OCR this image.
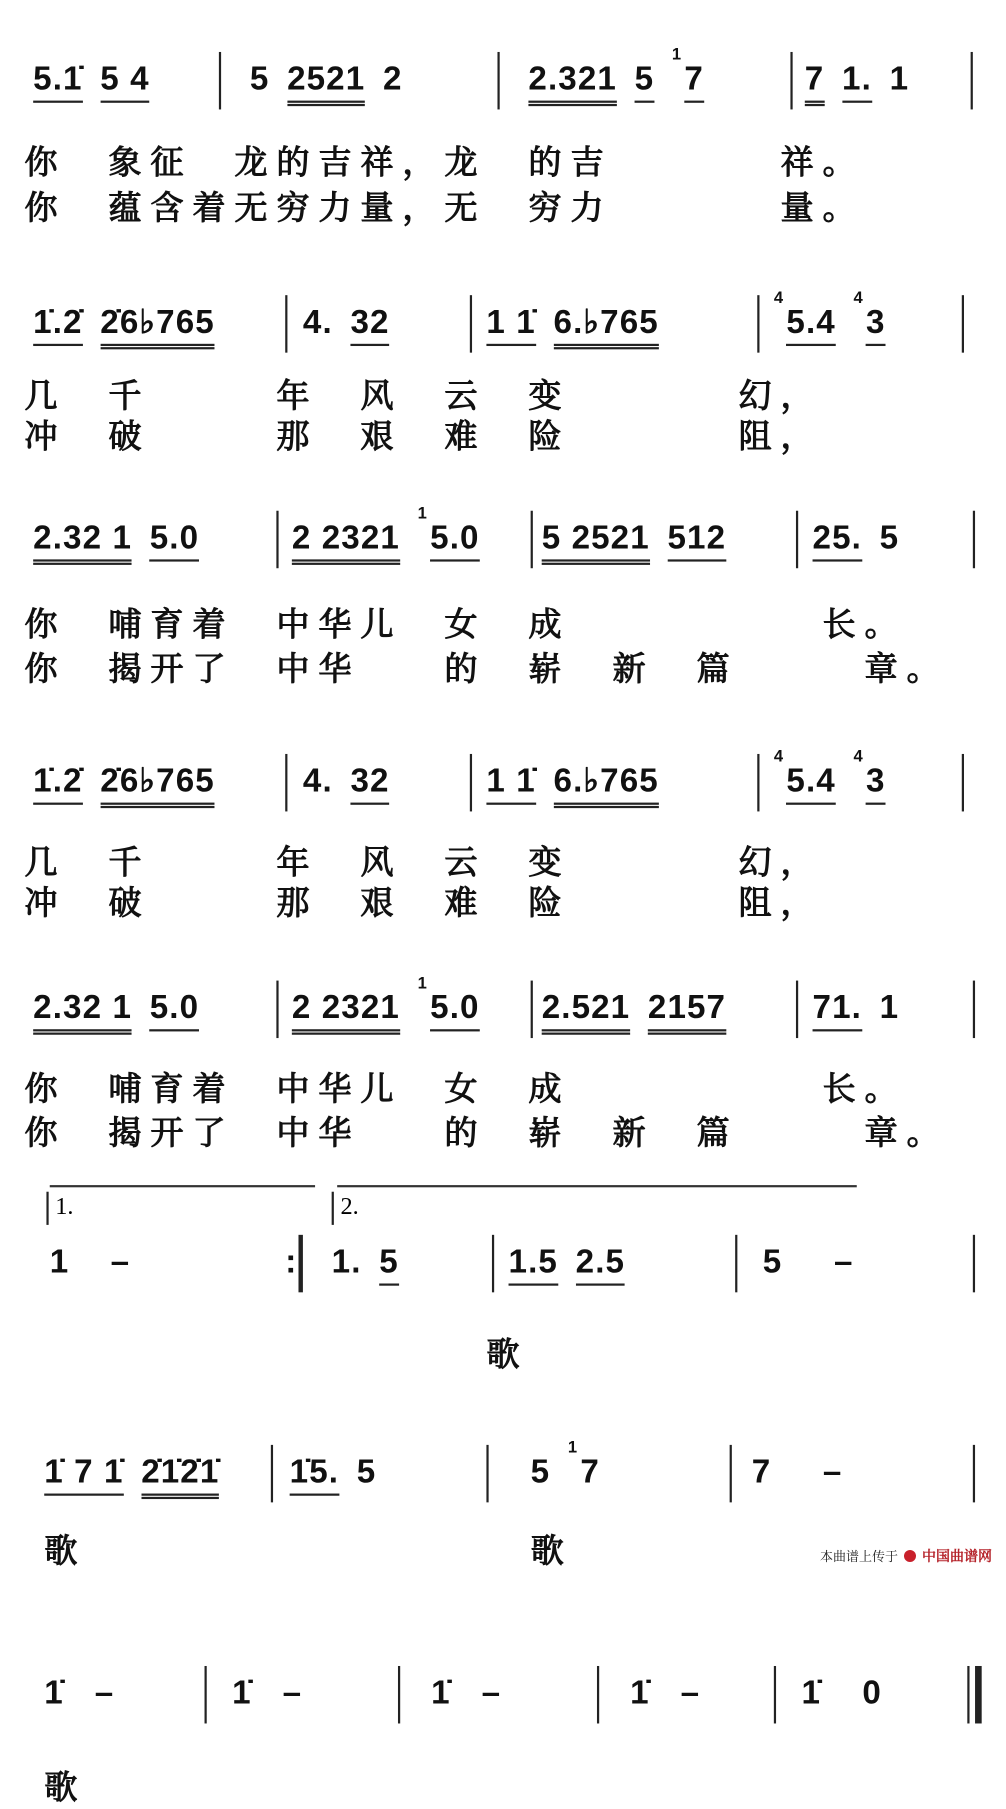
5.1̇ 5 4	5 2521 2	2.321 $5^17$	7 1. 1
你　象征　龙的吉祥，龙　的吉　　　　祥。
你　蕴含着无穷力量，无　穷力　　　　量。
1̇.2̇ 2̇6♭765	4. 32	1 1̇ 6.♭765
$^45.4^43$
几　千　　　年　风　云　变　　　　幻，
冲　破　　　那　艰　难　险　　　　阻，
2.32 1 5.0	2 2321$^1$5.0	5 2521 512	25. 5
你　哺育着　中华儿　女　成　　　　　　长。
你　揭开了　中华　　的　崭　新　篇　　　章。
1̇.2̇ 2̇6♭765	4. 32	1 1̇ 6.♭765
$^45.4^43$
几　千　　　年　风　云　变　　　　幻，
冲　破　　　那　艰　难　险　　　　阻，
2.32 1 5.0	2 2321$^1$5.0	2.521 2157	71. 1
你　哺育着　中华儿　女　成　　　　　　长。
你　揭开了　中华　　的　崭　新　篇　　　章。
1    –	:	1. 5	1.5 2.5	5     –
歌
1.	2.
1̇ 7 1̇ 2̇1̇2̇1̇	1̇5. 5	$5^17$	7     –
歌	歌
1̇   –	1̇   –	1̇   –	1̇   –	1̇    0
歌
本曲谱上传于 中国曲谱网
